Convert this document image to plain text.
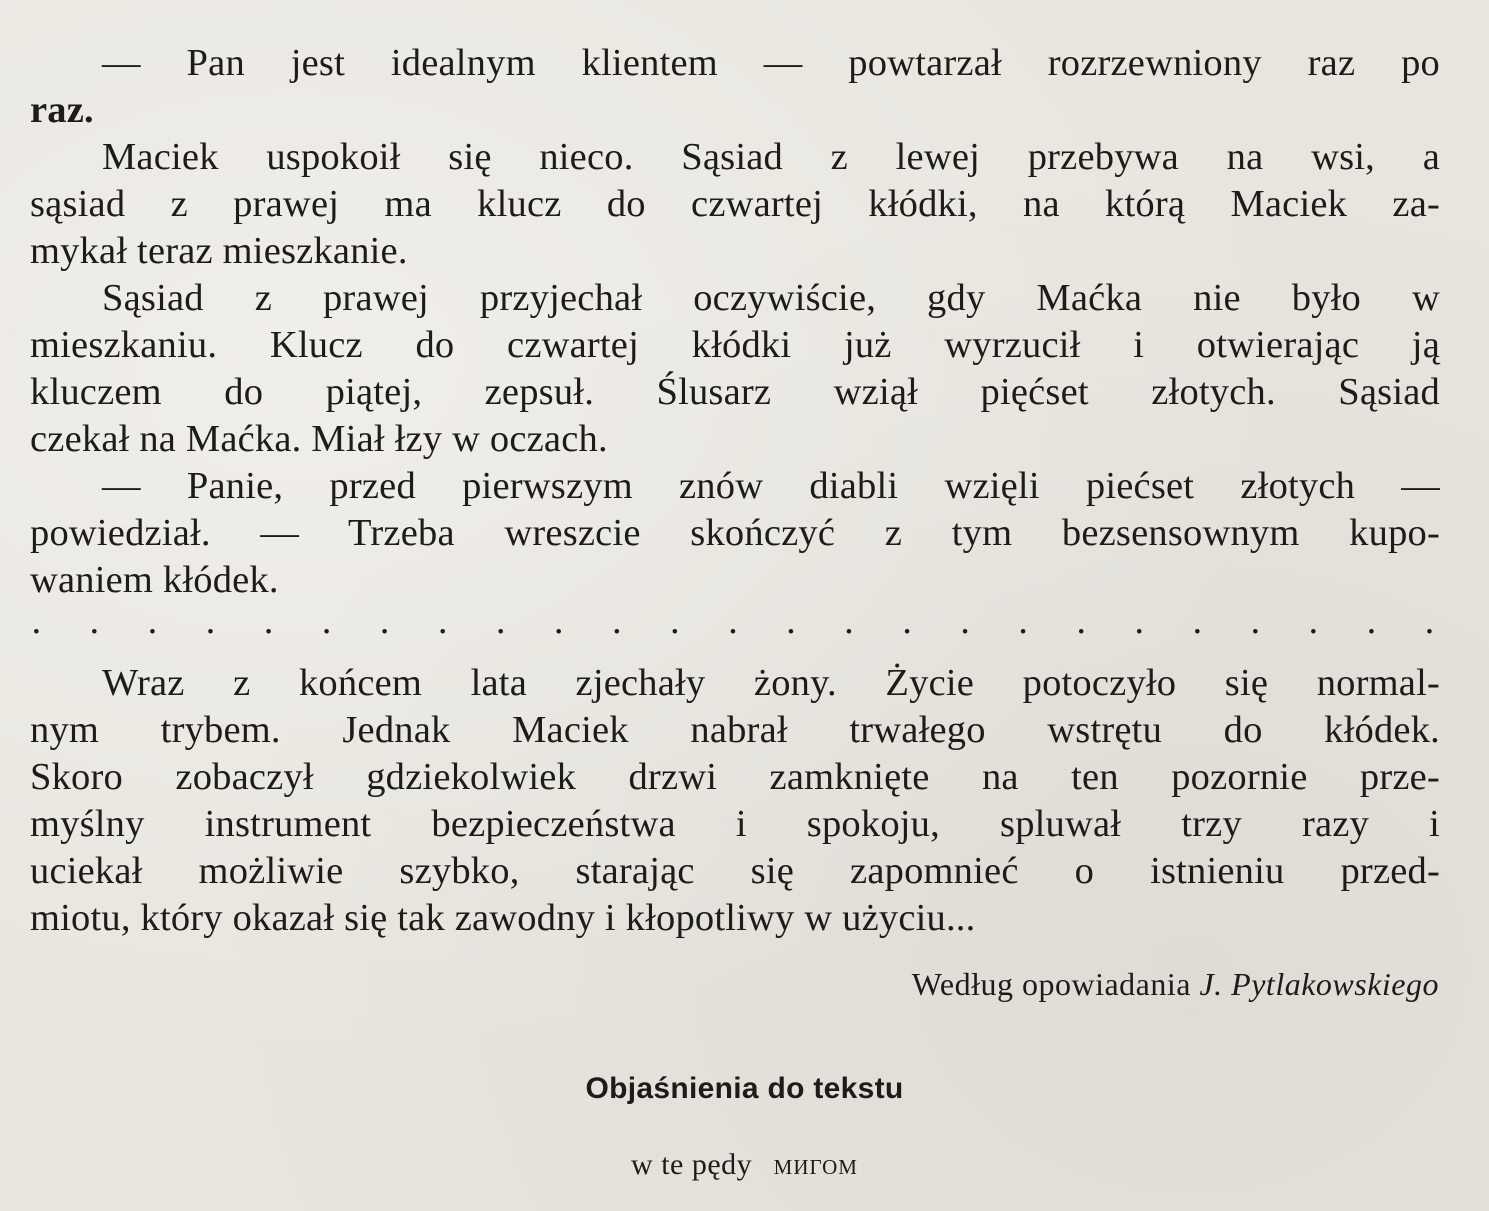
— Pan jest idealnym klientem — powtarzał rozrzewniony raz po
raz.
Maciek uspokoił się nieco. Sąsiad z lewej przebywa na wsi, a
sąsiad z prawej ma klucz do czwartej kłódki, na którą Maciek za-
mykał teraz mieszkanie.
Sąsiad z prawej przyjechał oczywiście, gdy Maćka nie było w
mieszkaniu. Klucz do czwartej kłódki już wyrzucił i otwierając ją
kluczem do piątej, zepsuł. Ślusarz wziął pięćset złotych. Sąsiad
czekał na Maćka. Miał łzy w oczach.
— Panie, przed pierwszym znów diabli wzięli piećset złotych —
powiedział. — Trzeba wreszcie skończyć z tym bezsensownym kupo-
waniem kłódek.
· · · · · · · · · · · · · · · · · · · · · · · · ·
Wraz z końcem lata zjechały żony. Życie potoczyło się normal-
nym trybem. Jednak Maciek nabrał trwałego wstrętu do kłódek.
Skoro zobaczył gdziekolwiek drzwi zamknięte na ten pozornie prze-
myślny instrument bezpieczeństwa i spokoju, spluwał trzy razy i
uciekał możliwie szybko, starając się zapomnieć o istnieniu przed-
miotu, który okazał się tak zawodny i kłopotliwy w użyciu...
Według opowiadania J. Pytlakowskiego
Objaśnienia do tekstu
w te pędy мигом
